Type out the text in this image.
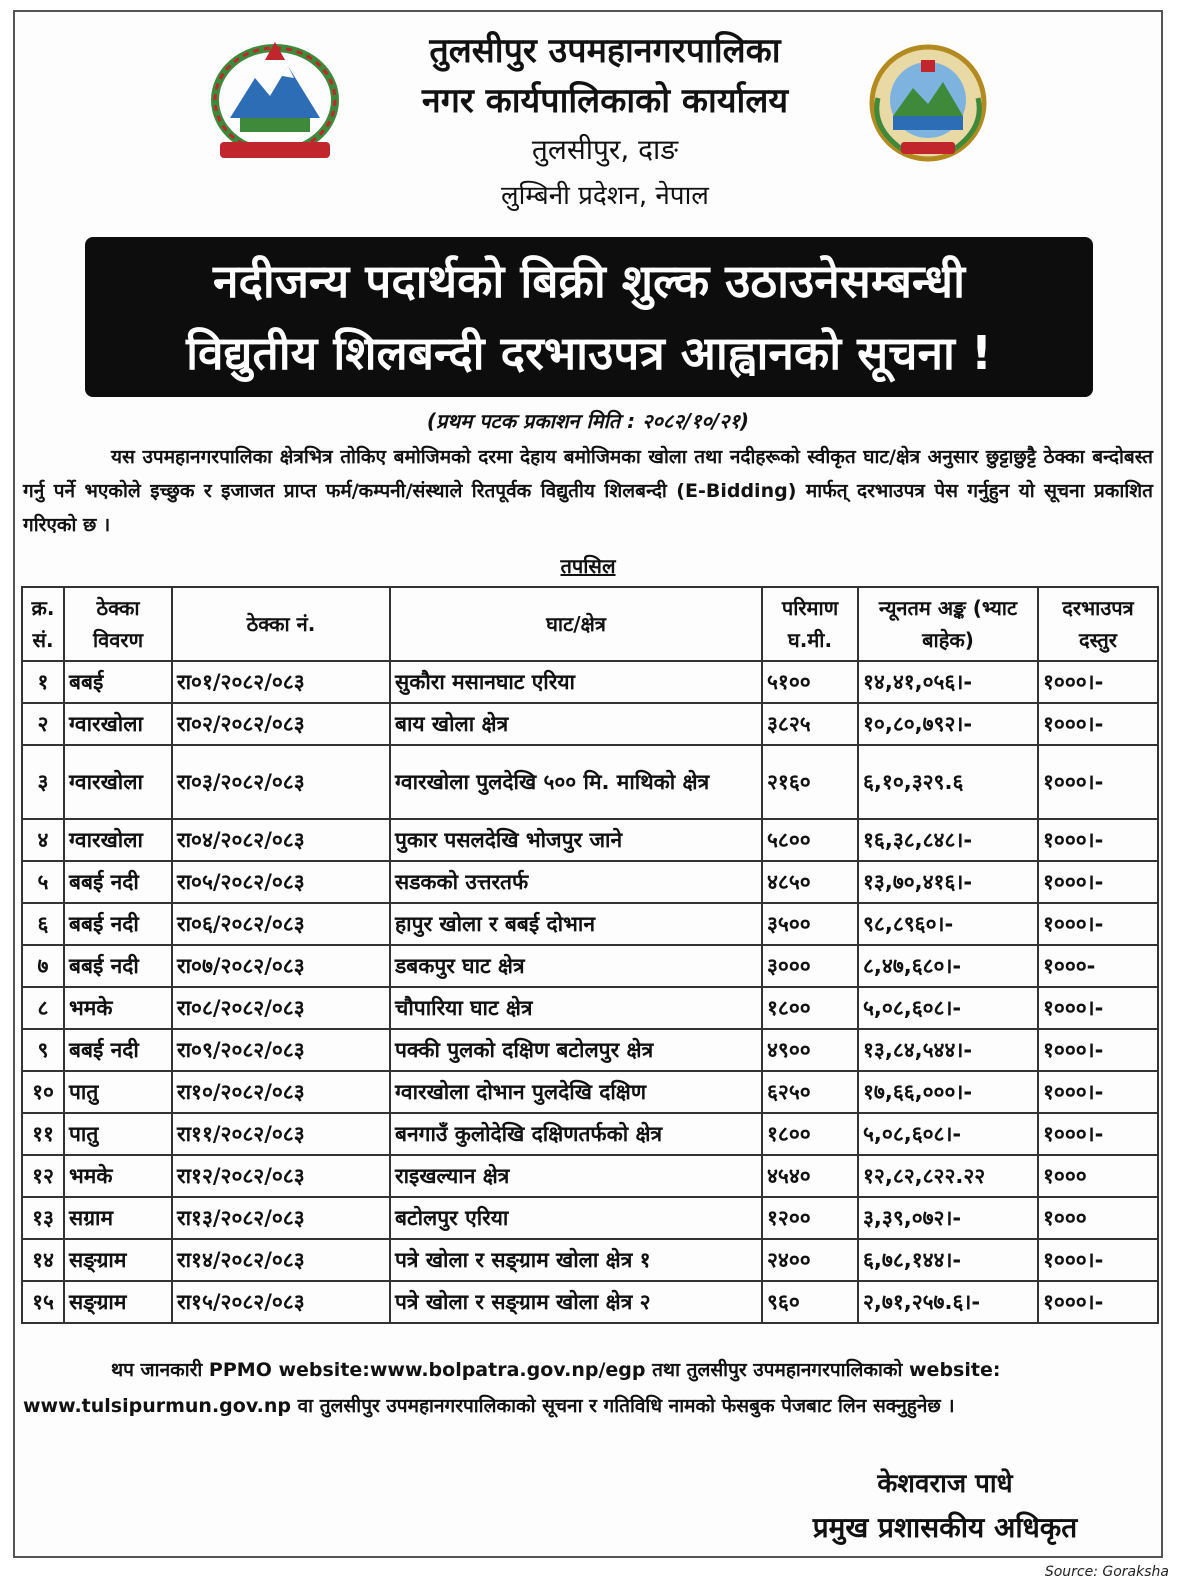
तुलसीपुर उपमहानगरपालिका
नगर कार्यपालिकाको कार्यालय
तुलसीपुर, दाङ
लुम्बिनी प्रदेशन, नेपाल
नदीजन्य पदार्थको बिक्री शुल्क उठाउनेसम्बन्धी
विद्युतीय शिलबन्दी दरभाउपत्र आह्वानको सूचना !
(प्रथम पटक प्रकाशन मिति : २०८२/१०/२१)

यस उपमहानगरपालिका क्षेत्रभित्र तोकिए बमोजिमको दरमा देहाय बमोजिमका खोला तथा नदीहरूको स्वीकृत घाट/क्षेत्र अनुसार छुट्टाछुट्टै ठेक्का बन्दोबस्त गर्नु पर्ने भएकोले इच्छुक र इजाजत प्राप्त फर्म/कम्पनी/संस्थाले रितपूर्वक विद्युतीय शिलबन्दी (E-Bidding) मार्फत् दरभाउपत्र पेस गर्नुहुन यो सूचना प्रकाशित गरिएको छ ।

तपसिल
क्र. सं.	ठेक्का विवरण	ठेक्का नं.	घाट/क्षेत्र	परिमाण घ.मी.	न्यूनतम अङ्क (भ्याट बाहेक)	दरभाउपत्र दस्तुर
१	बबई	रा०१/२०८२/०८३	सुकौरा मसानघाट एरिया	५१००	१४,४१,०५६।-	१०००।-
२	ग्वारखोला	रा०२/२०८२/०८३	बाय खोला क्षेत्र	३८२५	१०,८०,७९२।-	१०००।-
३	ग्वारखोला	रा०३/२०८२/०८३	ग्वारखोला पुलदेखि ५०० मि. माथिको क्षेत्र	२१६०	६,१०,३२९.६	१०००।-
४	ग्वारखोला	रा०४/२०८२/०८३	पुकार पसलदेखि भोजपुर जाने	५८००	१६,३८,८४८।-	१०००।-
५	बबई नदी	रा०५/२०८२/०८३	सडकको उत्तरतर्फ	४८५०	१३,७०,४१६।-	१०००।-
६	बबई नदी	रा०६/२०८२/०८३	हापुर खोला र बबई दोभान	३५००	९८,८९६०।-	१०००।-
७	बबई नदी	रा०७/२०८२/०८३	डबकपुर घाट क्षेत्र	३०००	८,४७,६८०।-	१०००-
८	भमके	रा०८/२०८२/०८३	चौपारिया घाट क्षेत्र	१८००	५,०८,६०८।-	१०००।-
९	बबई नदी	रा०९/२०८२/०८३	पक्की पुलको दक्षिण बटोलपुर क्षेत्र	४९००	१३,८४,५४४।-	१०००।-
१०	पातु	रा१०/२०८२/०८३	ग्वारखोला दोभान पुलदेखि दक्षिण	६२५०	१७,६६,०००।-	१०००।-
११	पातु	रा११/२०८२/०८३	बनगाउँ कुलोदेखि दक्षिणतर्फको क्षेत्र	१८००	५,०८,६०८।-	१०००।-
१२	भमके	रा१२/२०८२/०८३	राइखल्यान क्षेत्र	४५४०	१२,८२,८२२.२२	१०००
१३	सग्राम	रा१३/२०८२/०८३	बटोलपुर एरिया	१२००	३,३९,०७२।-	१०००
१४	सङ्ग्राम	रा१४/२०८२/०८३	पत्रे खोला र सङ्ग्राम खोला क्षेत्र १	२४००	६,७८,१४४।-	१०००।-
१५	सङ्ग्राम	रा१५/२०८२/०८३	पत्रे खोला र सङ्ग्राम खोला क्षेत्र २	९६०	२,७१,२५७.६।-	१०००।-

थप जानकारी PPMO website:www.bolpatra.gov.np/egp तथा तुलसीपुर उपमहानगरपालिकाको website: www.tulsipurmun.gov.np वा तुलसीपुर उपमहानगरपालिकाको सूचना र गतिविधि नामको फेसबुक पेजबाट लिन सक्नुहुनेछ ।

केशवराज पाधे
प्रमुख प्रशासकीय अधिकृत
Source: Goraksha
